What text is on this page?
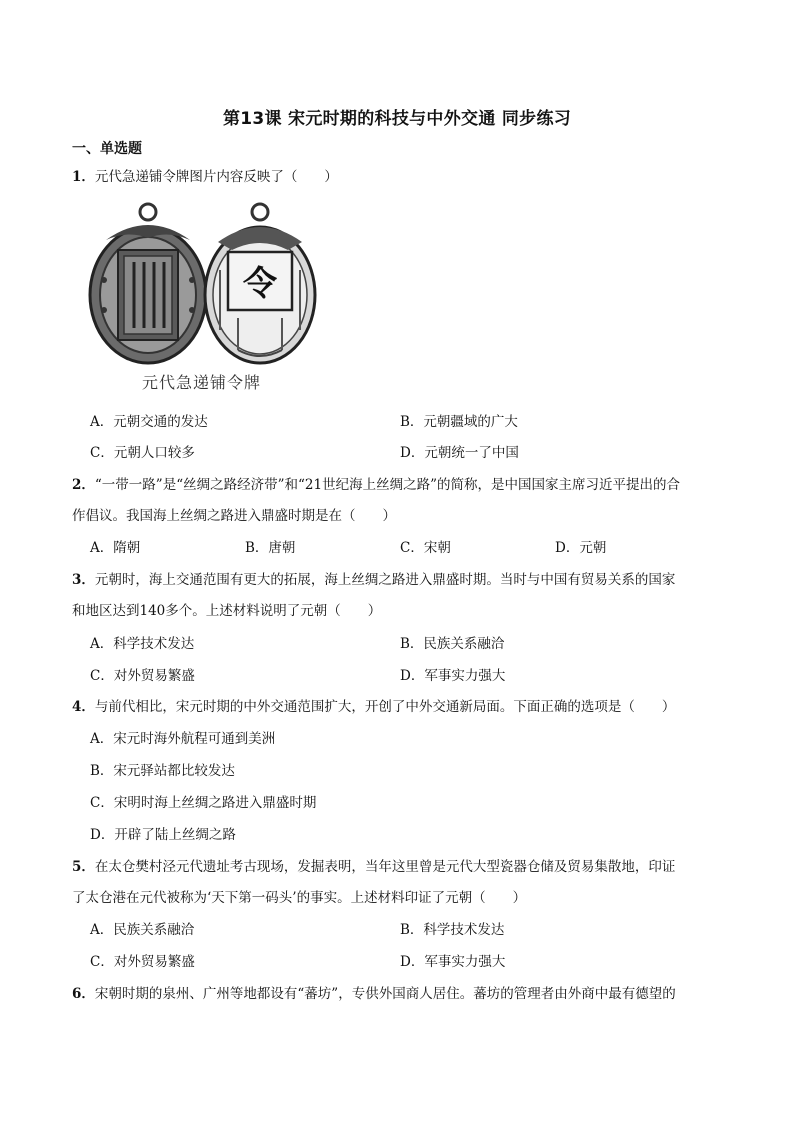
第13课 宋元时期的科技与中外交通 同步练习
一、单选题
1．元代急递铺令牌图片内容反映了（　　）
令
元代急递铺令牌
A．元朝交通的发达	B．元朝疆域的广大
C．元朝人口较多	D．元朝统一了中国
2．“一带一路”是“丝绸之路经济带”和“21世纪海上丝绸之路”的简称，是中国国家主席习近平提出的合
作倡议。我国海上丝绸之路进入鼎盛时期是在（　　）
A．隋朝	B．唐朝	C．宋朝	D．元朝
3．元朝时，海上交通范围有更大的拓展，海上丝绸之路进入鼎盛时期。当时与中国有贸易关系的国家
和地区达到140多个。上述材料说明了元朝（　　）
A．科学技术发达	B．民族关系融洽
C．对外贸易繁盛	D．军事实力强大
4．与前代相比，宋元时期的中外交通范围扩大，开创了中外交通新局面。下面正确的选项是（　　）
A．宋元时海外航程可通到美洲
B．宋元驿站都比较发达
C．宋明时海上丝绸之路进入鼎盛时期
D．开辟了陆上丝绸之路
5．在太仓樊村泾元代遗址考古现场，发掘表明，当年这里曾是元代大型瓷器仓储及贸易集散地，印证
了太仓港在元代被称为‘天下第一码头’的事实。上述材料印证了元朝（　　）
A．民族关系融洽	B．科学技术发达
C．对外贸易繁盛	D．军事实力强大
6．宋朝时期的泉州、广州等地都设有“蕃坊”，专供外国商人居住。蕃坊的管理者由外商中最有德望的
